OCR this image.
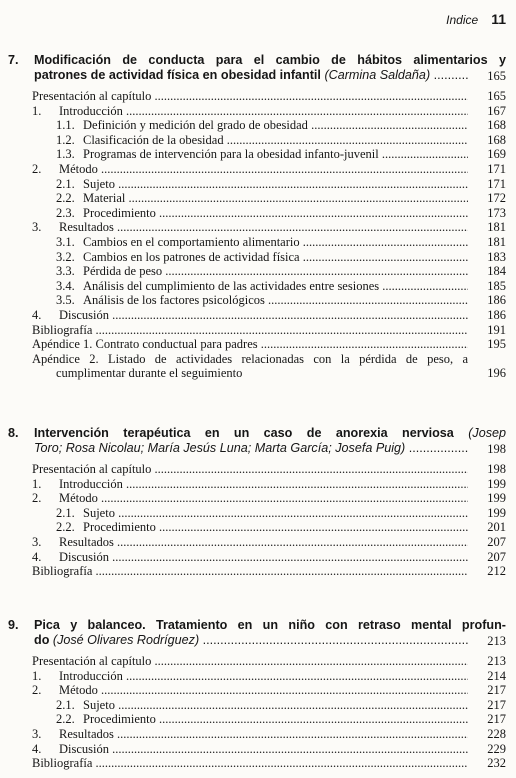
Indice 11
7. Modificación de conducta para el cambio de hábitos alimentarios y
patrones de actividad física en obesidad infantil (Carmina Saldaña) .....	165
Presentación al capítulo .....	165
1. Introducción .....	167
1.1. Definición y medición del grado de obesidad .....	168
1.2. Clasificación de la obesidad .....	168
1.3. Programas de intervención para la obesidad infanto-juvenil .....	169
2. Método .....	171
2.1. Sujeto .....	171
2.2. Material .....	172
2.3. Procedimiento .....	173
3. Resultados .....	181
3.1. Cambios en el comportamiento alimentario .....	181
3.2. Cambios en los patrones de actividad física .....	183
3.3. Pérdida de peso .....	184
3.4. Análisis del cumplimiento de las actividades entre sesiones .....	185
3.5. Análisis de los factores psicológicos .....	186
4. Discusión .....	186
Bibliografía .....	191
Apéndice 1. Contrato conductual para padres .....	195
Apéndice 2. Listado de actividades relacionadas con la pérdida de peso, a
cumplimentar durante el seguimiento	196
8. Intervención terapéutica en un caso de anorexia nerviosa (Josep
Toro; Rosa Nicolau; María Jesús Luna; Marta García; Josefa Puig) .....	198
Presentación al capítulo .....	198
1. Introducción .....	199
2. Método .....	199
2.1. Sujeto .....	199
2.2. Procedimiento .....	201
3. Resultados .....	207
4. Discusión .....	207
Bibliografía .....	212
9. Pica y balanceo. Tratamiento en un niño con retraso mental profun-
do (José Olivares Rodríguez) .....	213
Presentación al capítulo .....	213
1. Introducción .....	214
2. Método .....	217
2.1. Sujeto .....	217
2.2. Procedimiento .....	217
3. Resultados .....	228
4. Discusión .....	229
Bibliografía .....	232
